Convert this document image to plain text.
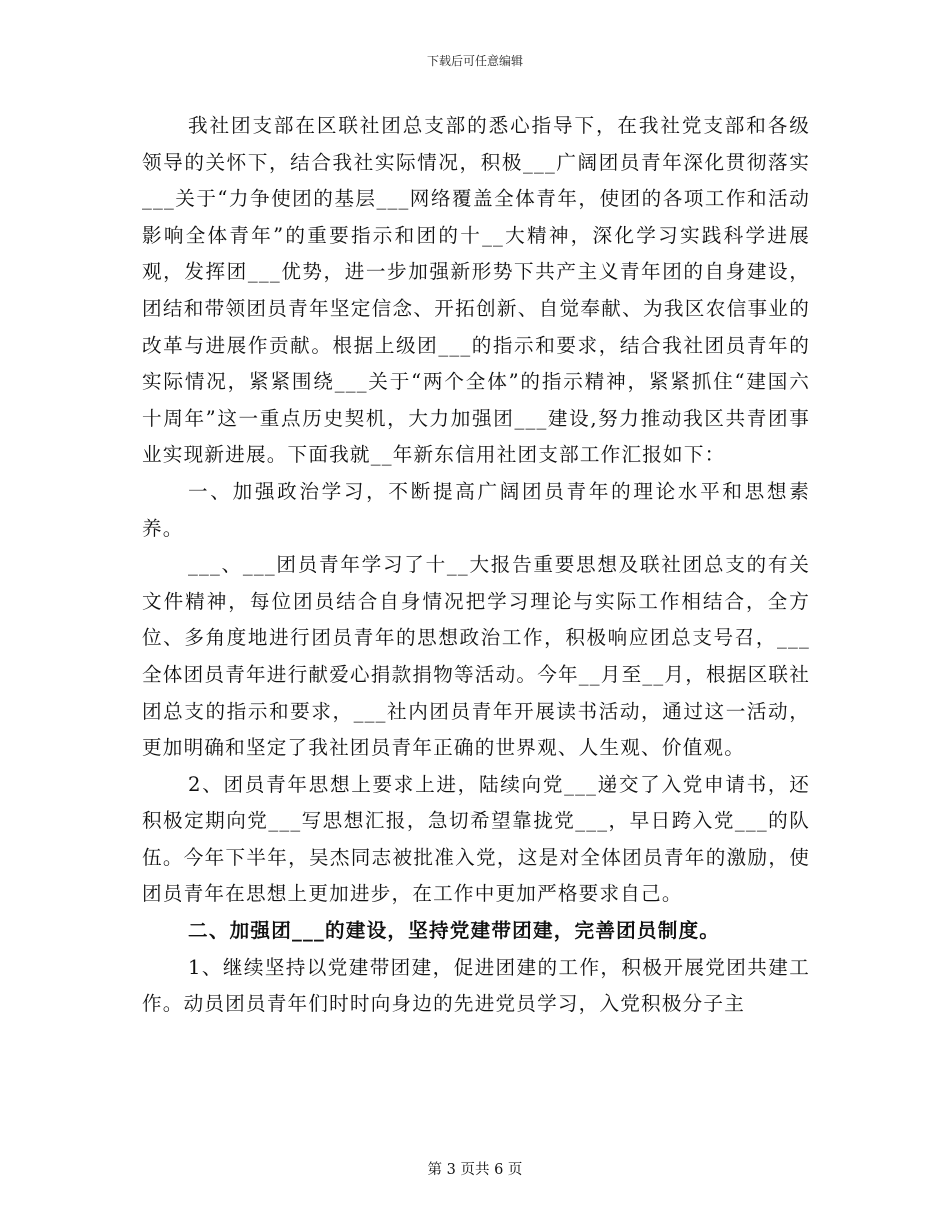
下载后可任意编辑

我社团支部在区联社团总支部的悉心指导下，在我社党支部和各级领导的关怀下，结合我社实际情况，积极___广阔团员青年深化贯彻落实___关于“力争使团的基层___网络覆盖全体青年，使团的各项工作和活动影响全体青年”的重要指示和团的十__大精神，深化学习实践科学进展观，发挥团___优势，进一步加强新形势下共产主义青年团的自身建设，团结和带领团员青年坚定信念、开拓创新、自觉奉献、为我区农信事业的改革与进展作贡献。根据上级团___的指示和要求，结合我社团员青年的实际情况，紧紧围绕___关于“两个全体”的指示精神，紧紧抓住“建国六十周年”这一重点历史契机，大力加强团___建设,努力推动我区共青团事业实现新进展。下面我就__年新东信用社团支部工作汇报如下：

一、加强政治学习，不断提高广阔团员青年的理论水平和思想素养。

___、___团员青年学习了十__大报告重要思想及联社团总支的有关文件精神，每位团员结合自身情况把学习理论与实际工作相结合，全方位、多角度地进行团员青年的思想政治工作，积极响应团总支号召，___全体团员青年进行献爱心捐款捐物等活动。今年__月至__月，根据区联社团总支的指示和要求，___社内团员青年开展读书活动，通过这一活动，更加明确和坚定了我社团员青年正确的世界观、人生观、价值观。

2、团员青年思想上要求上进，陆续向党___递交了入党申请书，还积极定期向党___写思想汇报，急切希望靠拢党___，早日跨入党___的队伍。今年下半年，吴杰同志被批准入党，这是对全体团员青年的激励，使团员青年在思想上更加进步，在工作中更加严格要求自己。

二、加强团___的建设，坚持党建带团建，完善团员制度。

1、继续坚持以党建带团建，促进团建的工作，积极开展党团共建工作。动员团员青年们时时向身边的先进党员学习，入党积极分子主

第 3 页共 6 页
